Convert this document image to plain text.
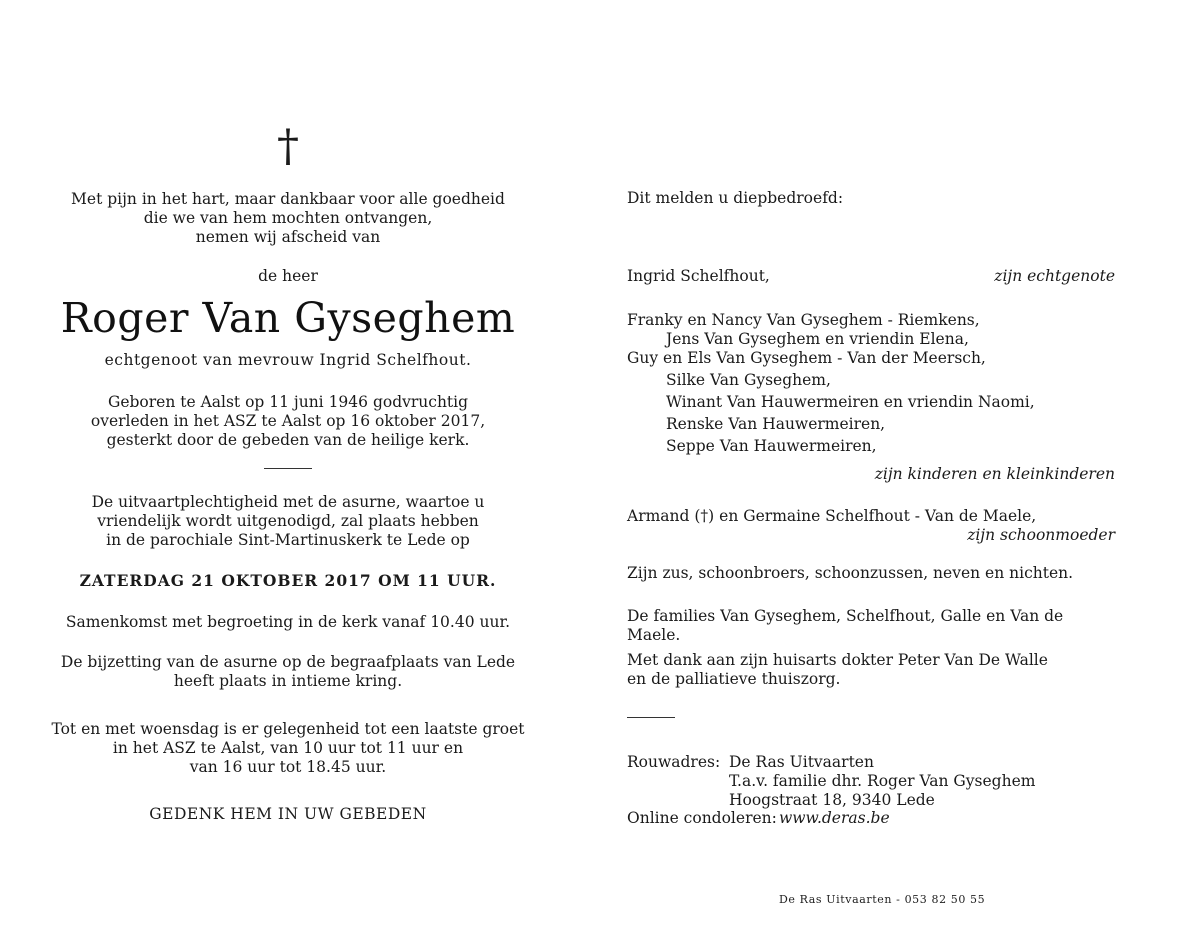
†
Met pijn in het hart, maar dankbaar voor alle goedheid
die we van hem mochten ontvangen,
nemen wij afscheid van
de heer
Roger Van Gyseghem
echtgenoot van mevrouw Ingrid Schelfhout.
Geboren te Aalst op 11 juni 1946 godvruchtig
overleden in het ASZ te Aalst op 16 oktober 2017,
gesterkt door de gebeden van de heilige kerk.
De uitvaartplechtigheid met de asurne, waartoe u
vriendelijk wordt uitgenodigd, zal plaats hebben
in de parochiale Sint-Martinuskerk te Lede op
ZATERDAG 21 OKTOBER 2017 OM 11 UUR.
Samenkomst met begroeting in de kerk vanaf 10.40 uur.
De bijzetting van de asurne op de begraafplaats van Lede
heeft plaats in intieme kring.
Tot en met woensdag is er gelegenheid tot een laatste groet
in het ASZ te Aalst, van 10 uur tot 11 uur en
van 16 uur tot 18.45 uur.
GEDENK HEM IN UW GEBEDEN
Dit melden u diepbedroefd:
Ingrid Schelfhout,	zijn echtgenote
Franky en Nancy Van Gyseghem - Riemkens,
Jens Van Gyseghem en vriendin Elena,
Guy en Els Van Gyseghem - Van der Meersch,
Silke Van Gyseghem,
Winant Van Hauwermeiren en vriendin Naomi,
Renske Van Hauwermeiren,
Seppe Van Hauwermeiren,
zijn kinderen en kleinkinderen
Armand (†) en Germaine Schelfhout - Van de Maele,
zijn schoonmoeder
Zijn zus, schoonbroers, schoonzussen, neven en nichten.
De families Van Gyseghem, Schelfhout, Galle en Van de Maele.
Met dank aan zijn huisarts dokter Peter Van De Walle
en de palliatieve thuiszorg.
Rouwadres: De Ras Uitvaarten
T.a.v. familie dhr. Roger Van Gyseghem
Hoogstraat 18, 9340 Lede
Online condoleren: www.deras.be
De Ras Uitvaarten - 053 82 50 55
